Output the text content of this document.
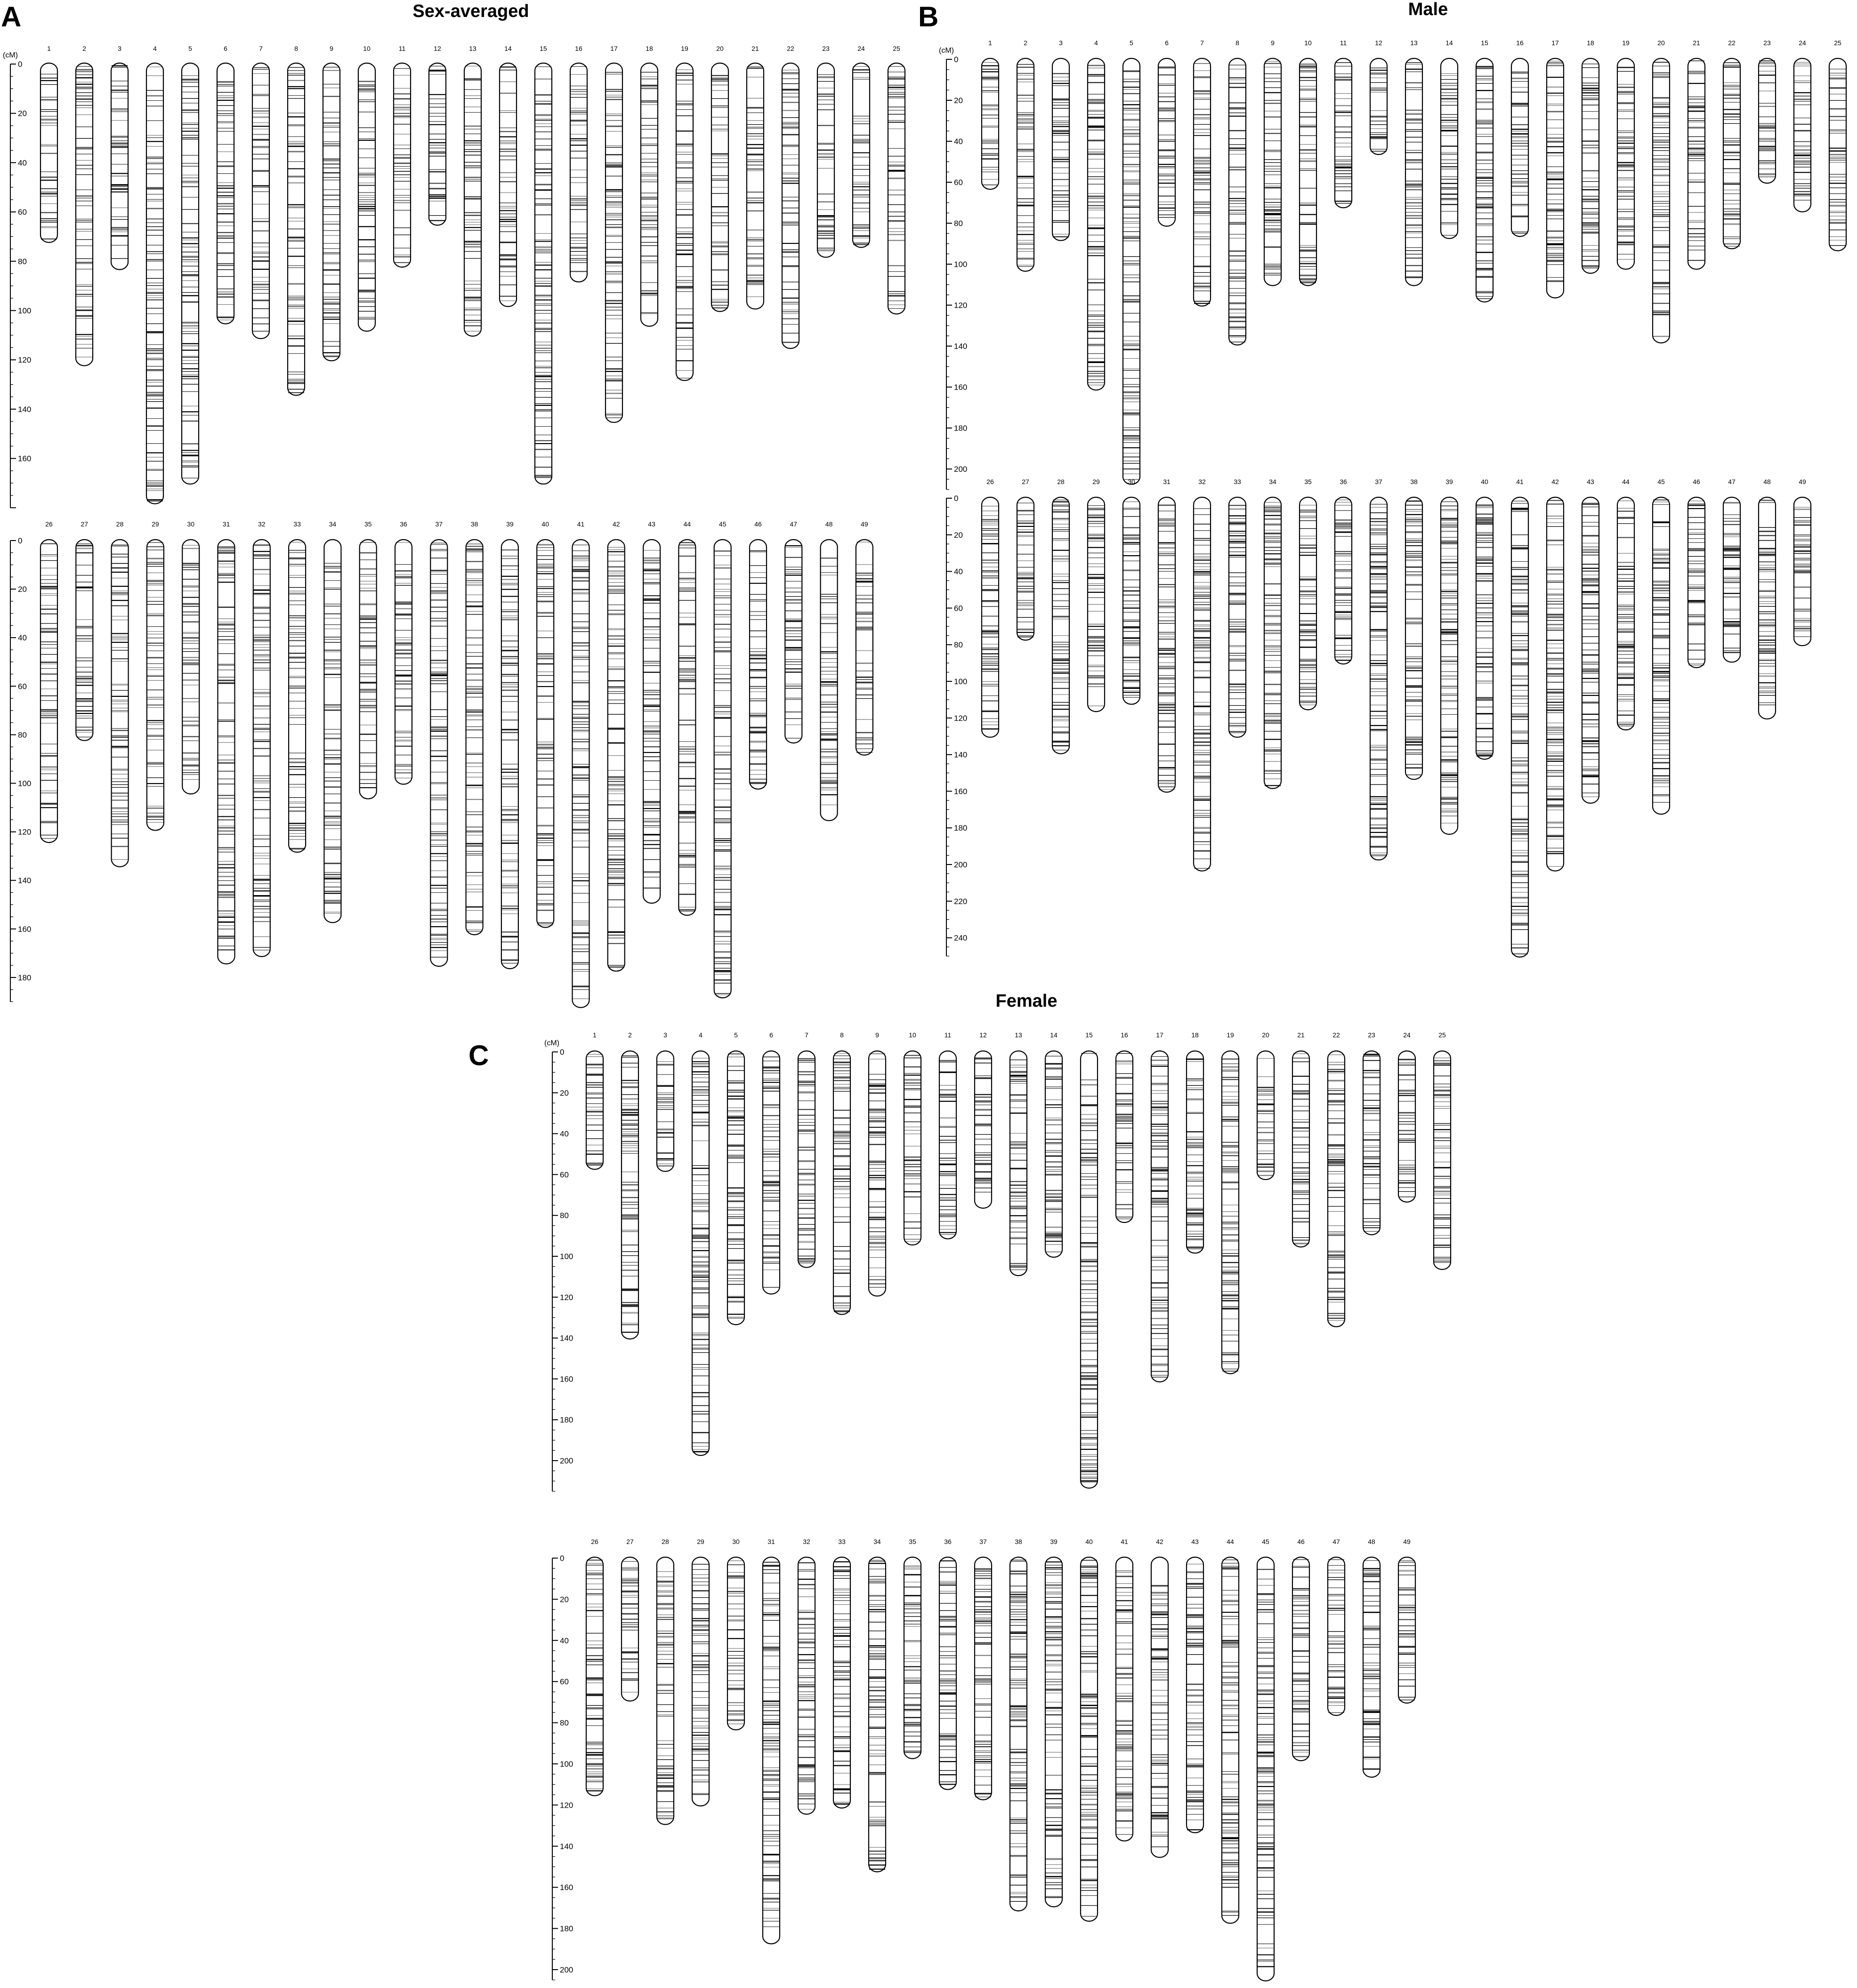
A	Sex-averaged	B	Male
C
Female
0
20
40
60
80
100
120
140
160
(cM)
1	2	3	4	5	6	7	8	9	10	11	12	13	14	15	16	17	18	19	20	21	22	23	24	25
0
20
40
60
80
100
120
140
160
180
26	27	28	29	30	31	32	33	34	35	36	37	38	39	40	41	42	43	44	45	46	47	48	49
0
20
40
60
80
100
120
140
160
180
200
(cM)
1	2	3	4	5	6	7	8	9	10	11	12	13	14	15	16	17	18	19	20	21	22	23	24	25
0
20
40
60
80
100
120
140
160
180
200
220
240
26	27	28	29	30	31	32	33	34	35	36	37	38	39	40	41	42	43	44	45	46	47	48	49
0
20
40
60
80
100
120
140
160
180
200
(cM)
1	2	3	4	5	6	7	8	9	10	11	12	13	14	15	16	17	18	19	20	21	22	23	24	25
0
20
40
60
80
100
120
140
160
180
200
26	27	28	29	30	31	32	33	34	35	36	37	38	39	40	41	42	43	44	45	46	47	48	49
